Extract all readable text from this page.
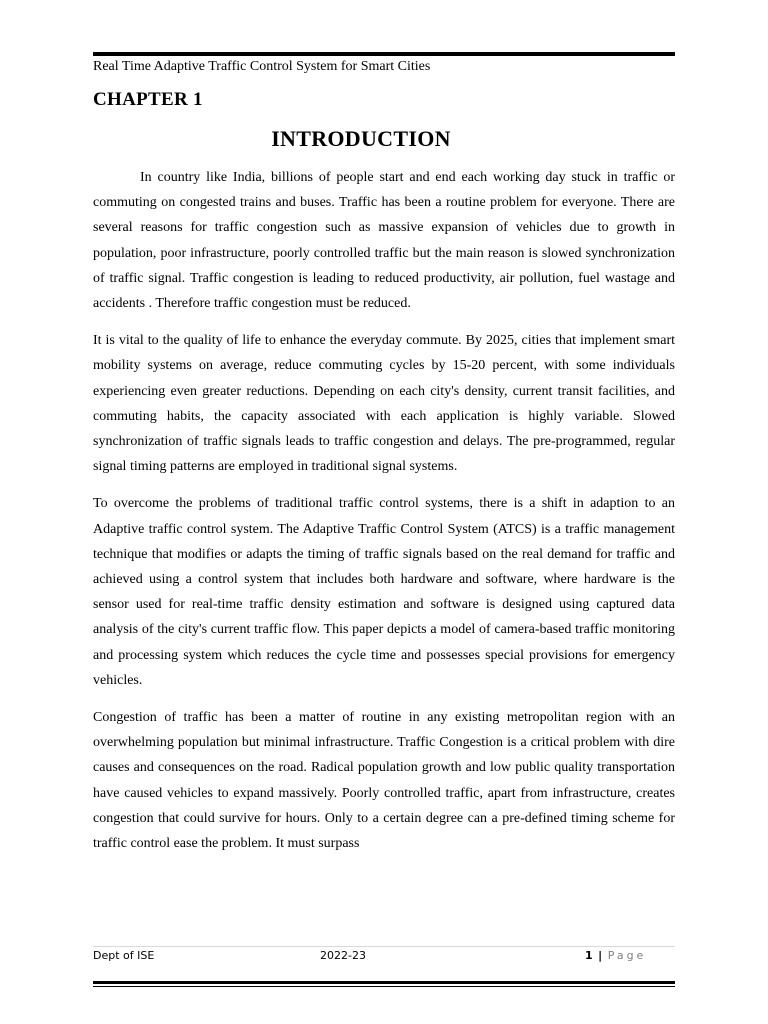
Real Time Adaptive Traffic Control System for Smart Cities
CHAPTER 1
INTRODUCTION

In country like India, billions of people start and end each working day stuck in traffic or commuting on congested trains and buses. Traffic has been a routine problem for everyone. There are several reasons for traffic congestion such as massive expansion of vehicles due to growth in population, poor infrastructure, poorly controlled traffic but the main reason is slowed synchronization of traffic signal. Traffic congestion is leading to reduced productivity, air pollution, fuel wastage and accidents . Therefore traffic congestion must be reduced.

It is vital to the quality of life to enhance the everyday commute. By 2025, cities that implement smart mobility systems on average, reduce commuting cycles by 15-20 percent, with some individuals experiencing even greater reductions. Depending on each city's density, current transit facilities, and commuting habits, the capacity associated with each application is highly variable. Slowed synchronization of traffic signals leads to traffic congestion and delays. The pre-programmed, regular signal timing patterns are employed in traditional signal systems.

To overcome the problems of traditional traffic control systems, there is a shift in adaption to an Adaptive traffic control system. The Adaptive Traffic Control System (ATCS) is a traffic management technique that modifies or adapts the timing of traffic signals based on the real demand for traffic and achieved using a control system that includes both hardware and software, where hardware is the sensor used for real-time traffic density estimation and software is designed using captured data analysis of the city's current traffic flow. This paper depicts a model of camera-based traffic monitoring and processing system which reduces the cycle time and possesses special provisions for emergency vehicles.

Congestion of traffic has been a matter of routine in any existing metropolitan region with an overwhelming population but minimal infrastructure. Traffic Congestion is a critical problem with dire causes and consequences on the road. Radical population growth and low public quality transportation have caused vehicles to expand massively. Poorly controlled traffic, apart from infrastructure, creates congestion that could survive for hours. Only to a certain degree can a pre-defined timing scheme for traffic control ease the problem. It must surpass

Dept of ISE	2022-23	1 | Page
